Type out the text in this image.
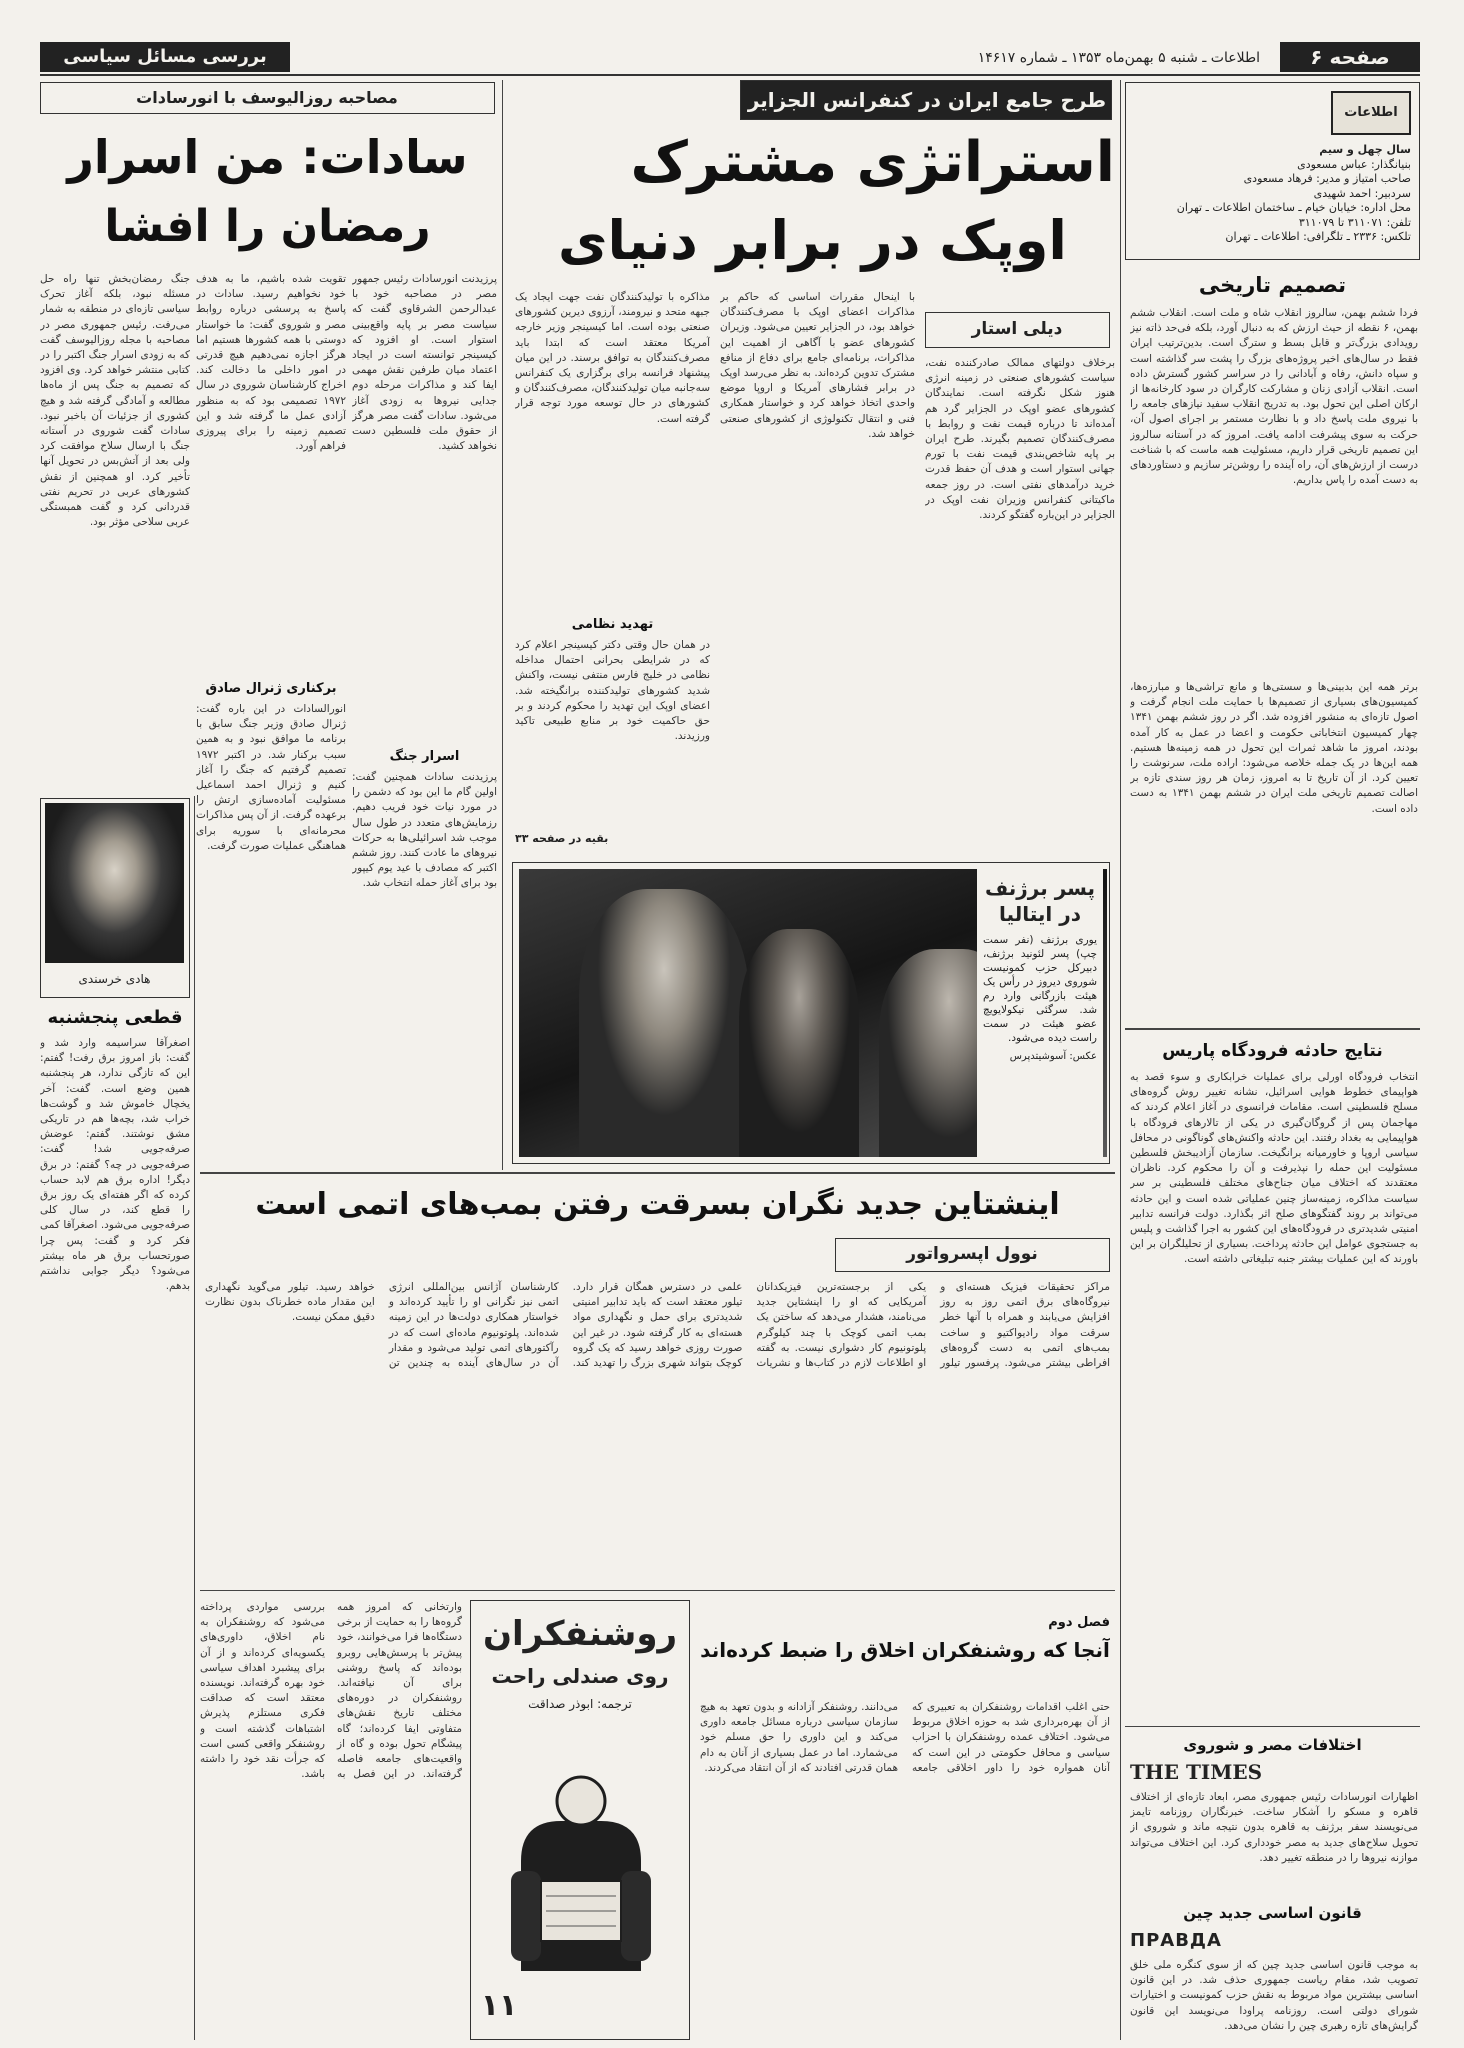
صفحه ۶
اطلاعات ـ شنبه ۵ بهمن‌ماه ۱۳۵۳ ـ شماره ۱۴۶۱۷
بررسی مسائل سیاسی
اطلاعات
سال چهل و سیم
بنیانگذار: عباس مسعودی
صاحب امتیاز و مدیر: فرهاد مسعودی
سردبیر: احمد شهیدی
محل اداره: خیابان خیام ـ ساختمان اطلاعات ـ تهران
تلفن: ۳۱۱۰۷۱ تا ۳۱۱۰۷۹
تلکس: ۲۳۳۶ ـ تلگرافی: اطلاعات ـ تهران
تصمیم تاریخی
فردا ششم بهمن، سالروز انقلاب شاه و ملت است. انقلاب ششم بهمن، ۶ نقطه از حیث ارزش که به دنبال آورد، بلکه فی‌حد ذاته نیز رویدادی بزرگ‌تر و قابل بسط و سترگ است. بدین‌ترتیب ایران فقط در سال‌های اخیر پروژه‌های بزرگ را پشت سر گذاشته است و سپاه دانش، رفاه و آبادانی را در سراسر کشور گسترش داده است. انقلاب آزادی زنان و مشارکت کارگران در سود کارخانه‌ها از ارکان اصلی این تحول بود. به تدریج انقلاب سفید نیازهای جامعه را با نیروی ملت پاسخ داد و با نظارت مستمر بر اجرای اصول آن، حرکت به سوی پیشرفت ادامه یافت. امروز که در آستانه سالروز این تصمیم تاریخی قرار داریم، مسئولیت همه ماست که با شناخت درست از ارزش‌های آن، راه آینده را روشن‌تر سازیم و دستاوردهای به دست آمده را پاس بداریم.
برتر همه این بدبینی‌ها و سستی‌ها و مانع تراشی‌ها و مبارزه‌ها، کمیسیون‌های بسیاری از تصمیم‌ها با حمایت ملت انجام گرفت و اصول تازه‌ای به منشور افزوده شد. اگر در روز ششم بهمن ۱۳۴۱ چهار کمیسیون انتخاباتی حکومت و اعضا در عمل به کار آمده بودند، امروز ما شاهد ثمرات این تحول در همه زمینه‌ها هستیم. همه این‌ها در یک جمله خلاصه می‌شود: اراده ملت، سرنوشت را تعیین کرد. از آن تاریخ تا به امروز، زمان هر روز سندی تازه بر اصالت تصمیم تاریخی ملت ایران در ششم بهمن ۱۳۴۱ به دست داده است.
نتایج حادثه فرودگاه پاریس
انتخاب فرودگاه اورلی برای عملیات خرابکاری و سوء قصد به هواپیمای خطوط هوایی اسرائیل، نشانه تغییر روش گروه‌های مسلح فلسطینی است. مقامات فرانسوی در آغاز اعلام کردند که مهاجمان پس از گروگان‌گیری در یکی از تالارهای فرودگاه با هواپیمایی به بغداد رفتند. این حادثه واکنش‌های گوناگونی در محافل سیاسی اروپا و خاورمیانه برانگیخت. سازمان آزادیبخش فلسطین مسئولیت این حمله را نپذیرفت و آن را محکوم کرد. ناظران معتقدند که اختلاف میان جناح‌های مختلف فلسطینی بر سر سیاست مذاکره، زمینه‌ساز چنین عملیاتی شده است و این حادثه می‌تواند بر روند گفتگوهای صلح اثر بگذارد. دولت فرانسه تدابیر امنیتی شدیدتری در فرودگاه‌های این کشور به اجرا گذاشت و پلیس به جستجوی عوامل این حادثه پرداخت. بسیاری از تحلیلگران بر این باورند که این عملیات بیشتر جنبه تبلیغاتی داشته است.
اختلافات مصر و شوروی
THE TIMES
اظهارات انورسادات رئیس جمهوری مصر، ابعاد تازه‌ای از اختلاف قاهره و مسکو را آشکار ساخت. خبرنگاران روزنامه تایمز می‌نویسند سفر برژنف به قاهره بدون نتیجه ماند و شوروی از تحویل سلاح‌های جدید به مصر خودداری کرد. این اختلاف می‌تواند موازنه نیروها را در منطقه تغییر دهد.
قانون اساسی جدید چین
ПРАВДА
به موجب قانون اساسی جدید چین که از سوی کنگره ملی خلق تصویب شد، مقام ریاست جمهوری حذف شد. در این قانون اساسی بیشترین مواد مربوط به نقش حزب کمونیست و اختیارات شورای دولتی است. روزنامه پراودا می‌نویسد این قانون گرایش‌های تازه رهبری چین را نشان می‌دهد.
طرح جامع ایران در کنفرانس الجزایر
استراتژی مشترک
اوپک در برابر دنیای
دیلی استار
برخلاف دولتهای ممالک صادرکننده نفت، سیاست کشورهای صنعتی در زمینه انرژی هنوز شکل نگرفته است. نمایندگان کشورهای عضو اوپک در الجزایر گرد هم آمده‌اند تا درباره قیمت نفت و روابط با مصرف‌کنندگان تصمیم بگیرند. طرح ایران بر پایه شاخص‌بندی قیمت نفت با تورم جهانی استوار است و هدف آن حفظ قدرت خرید درآمدهای نفتی است. در روز جمعه ماکیتانی کنفرانس وزیران نفت اوپک در الجزایر در این‌باره گفتگو کردند.
با اینحال مقررات اساسی که حاکم بر مذاکرات اعضای اوپک با مصرف‌کنندگان خواهد بود، در الجزایر تعیین می‌شود. وزیران کشورهای عضو با آگاهی از اهمیت این مذاکرات، برنامه‌ای جامع برای دفاع از منافع مشترک تدوین کرده‌اند. به نظر می‌رسد اوپک در برابر فشارهای آمریکا و اروپا موضع واحدی اتخاذ خواهد کرد و خواستار همکاری فنی و انتقال تکنولوژی از کشورهای صنعتی خواهد شد.
مذاکره با تولیدکنندگان نفت جهت ایجاد یک جبهه متحد و نیرومند، آرزوی دیرین کشورهای صنعتی بوده است. اما کیسینجر وزیر خارجه آمریکا معتقد است که ابتدا باید مصرف‌کنندگان به توافق برسند. در این میان پیشنهاد فرانسه برای برگزاری یک کنفرانس سه‌جانبه میان تولیدکنندگان، مصرف‌کنندگان و کشورهای در حال توسعه مورد توجه قرار گرفته است.
تهدید نظامی
در همان حال وقتی دکتر کیسینجر اعلام کرد که در شرایطی بحرانی احتمال مداخله نظامی در خلیج فارس منتفی نیست، واکنش شدید کشورهای تولیدکننده برانگیخته شد. اعضای اوپک این تهدید را محکوم کردند و بر حق حاکمیت خود بر منابع طبیعی تاکید ورزیدند.
بقیه در صفحه ۳۳
پسر برژنف در ایتالیا
یوری برژنف (نفر سمت چپ) پسر لئونید برژنف، دبیرکل حزب کمونیست شوروی دیروز در رأس یک هیئت بازرگانی وارد رم شد. سرگئی نیکولایویچ عضو هیئت در سمت راست دیده می‌شود.
عکس: آسوشیتدپرس
مصاحبه روزالیوسف با انورسادات
سادات: من اسرار
رمضان را افشا
جنگ رمضان‌بخش تنها راه حل مسئله نبود، بلکه آغاز تحرک سیاسی تازه‌ای در منطقه به شمار می‌رفت. رئیس جمهوری مصر در مصاحبه با مجله روزالیوسف گفت که به زودی اسرار جنگ اکتبر را در کتابی منتشر خواهد کرد. وی افزود که تصمیم به جنگ پس از ماه‌ها مطالعه و آمادگی گرفته شد و هیچ کشوری از جزئیات آن باخبر نبود. سادات گفت شوروی در آستانه جنگ با ارسال سلاح موافقت کرد ولی بعد از آتش‌بس در تحویل آنها تأخیر کرد. او همچنین از نقش کشورهای عربی در تحریم نفتی قدردانی کرد و گفت همبستگی عربی سلاحی مؤثر بود.
تقویت شده باشیم، ما به هدف خود نخواهیم رسید. سادات در پاسخ به پرسشی درباره روابط مصر و شوروی گفت: ما خواستار دوستی با همه کشورها هستیم اما هرگز اجازه نمی‌دهیم هیچ قدرتی در امور داخلی ما دخالت کند. اخراج کارشناسان شوروی در سال ۱۹۷۲ تصمیمی بود که به منظور آزادی عمل ما گرفته شد و این تصمیم زمینه را برای پیروزی فراهم آورد.
برکناری ژنرال صادق
انورالسادات در این باره گفت: ژنرال صادق وزیر جنگ سابق با برنامه ما موافق نبود و به همین سبب برکنار شد. در اکتبر ۱۹۷۲ تصمیم گرفتیم که جنگ را آغاز کنیم و ژنرال احمد اسماعیل مسئولیت آماده‌سازی ارتش را برعهده گرفت. از آن پس مذاکرات محرمانه‌ای با سوریه برای هماهنگی عملیات صورت گرفت.
پرزیدنت انورسادات رئیس جمهور مصر در مصاحبه خود با عبدالرحمن الشرقاوی گفت که سیاست مصر بر پایه واقع‌بینی استوار است. او افزود که کیسینجر توانسته است در ایجاد اعتماد میان طرفین نقش مهمی ایفا کند و مذاکرات مرحله دوم جدایی نیروها به زودی آغاز می‌شود. سادات گفت مصر هرگز از حقوق ملت فلسطین دست نخواهد کشید.
اسرار جنگ
پرزیدنت سادات همچنین گفت: اولین گام ما این بود که دشمن را در مورد نیات خود فریب دهیم. رزمایش‌های متعدد در طول سال موجب شد اسرائیلی‌ها به حرکات نیروهای ما عادت کنند. روز ششم اکتبر که مصادف با عید یوم کیپور بود برای آغاز حمله انتخاب شد.
هادی خرسندی
قطعی پنجشنبه
اصغرآقا سراسیمه وارد شد و گفت: باز امروز برق رفت! گفتم: این که تازگی ندارد، هر پنجشنبه همین وضع است. گفت: آخر یخچال خاموش شد و گوشت‌ها خراب شد، بچه‌ها هم در تاریکی مشق نوشتند. گفتم: عوضش صرفه‌جویی شد! گفت: صرفه‌جویی در چه؟ گفتم: در برق دیگر! اداره برق هم لابد حساب کرده که اگر هفته‌ای یک روز برق را قطع کند، در سال کلی صرفه‌جویی می‌شود. اصغرآقا کمی فکر کرد و گفت: پس چرا صورتحساب برق هر ماه بیشتر می‌شود؟ دیگر جوابی نداشتم بدهم.
اینشتاین جدید نگران بسرقت رفتن بمب‌های اتمی است
نوول اپسرواتور
مراکز تحقیقات فیزیک هسته‌ای و نیروگاه‌های برق اتمی روز به روز افزایش می‌یابند و همراه با آنها خطر سرقت مواد رادیواکتیو و ساخت بمب‌های اتمی به دست گروه‌های افراطی بیشتر می‌شود. پرفسور تیلور یکی از برجسته‌ترین فیزیکدانان آمریکایی که او را اینشتاین جدید می‌نامند، هشدار می‌دهد که ساختن یک بمب اتمی کوچک با چند کیلوگرم پلوتونیوم کار دشواری نیست. به گفته او اطلاعات لازم در کتاب‌ها و نشریات علمی در دسترس همگان قرار دارد. تیلور معتقد است که باید تدابیر امنیتی شدیدتری برای حمل و نگهداری مواد هسته‌ای به کار گرفته شود. در غیر این صورت روزی خواهد رسید که یک گروه کوچک بتواند شهری بزرگ را تهدید کند. کارشناسان آژانس بین‌المللی انرژی اتمی نیز نگرانی او را تأیید کرده‌اند و خواستار همکاری دولت‌ها در این زمینه شده‌اند. پلوتونیوم ماده‌ای است که در رآکتورهای اتمی تولید می‌شود و مقدار آن در سال‌های آینده به چندین تن خواهد رسید. تیلور می‌گوید نگهداری این مقدار ماده خطرناک بدون نظارت دقیق ممکن نیست.
روشنفکران
روی صندلی راحت
ترجمه: ابوذر صداقت
۱۱
فصل دوم
آنجا که روشنفکران اخلاق را ضبط کرده‌اند
حتی اغلب اقدامات روشنفکران به تعبیری که از آن بهره‌برداری شد به حوزه اخلاق مربوط می‌شود. اختلاف عمده روشنفکران با احزاب سیاسی و محافل حکومتی در این است که آنان همواره خود را داور اخلاقی جامعه می‌دانند. روشنفکر آزادانه و بدون تعهد به هیچ سازمان سیاسی درباره مسائل جامعه داوری می‌کند و این داوری را حق مسلم خود می‌شمارد. اما در عمل بسیاری از آنان به دام همان قدرتی افتادند که از آن انتقاد می‌کردند.
وارتخانی که امروز همه گروه‌ها را به حمایت از برخی دستگاه‌ها فرا می‌خوانند، خود پیش‌تر با پرسش‌هایی روبرو بوده‌اند که پاسخ روشنی برای آن نیافته‌اند. روشنفکران در دوره‌های مختلف تاریخ نقش‌های متفاوتی ایفا کرده‌اند؛ گاه پیشگام تحول بوده و گاه از واقعیت‌های جامعه فاصله گرفته‌اند. در این فصل به بررسی مواردی پرداخته می‌شود که روشنفکران به نام اخلاق، داوری‌های یکسویه‌ای کرده‌اند و از آن برای پیشبرد اهداف سیاسی خود بهره گرفته‌اند. نویسنده معتقد است که صداقت فکری مستلزم پذیرش اشتباهات گذشته است و روشنفکر واقعی کسی است که جرأت نقد خود را داشته باشد.
